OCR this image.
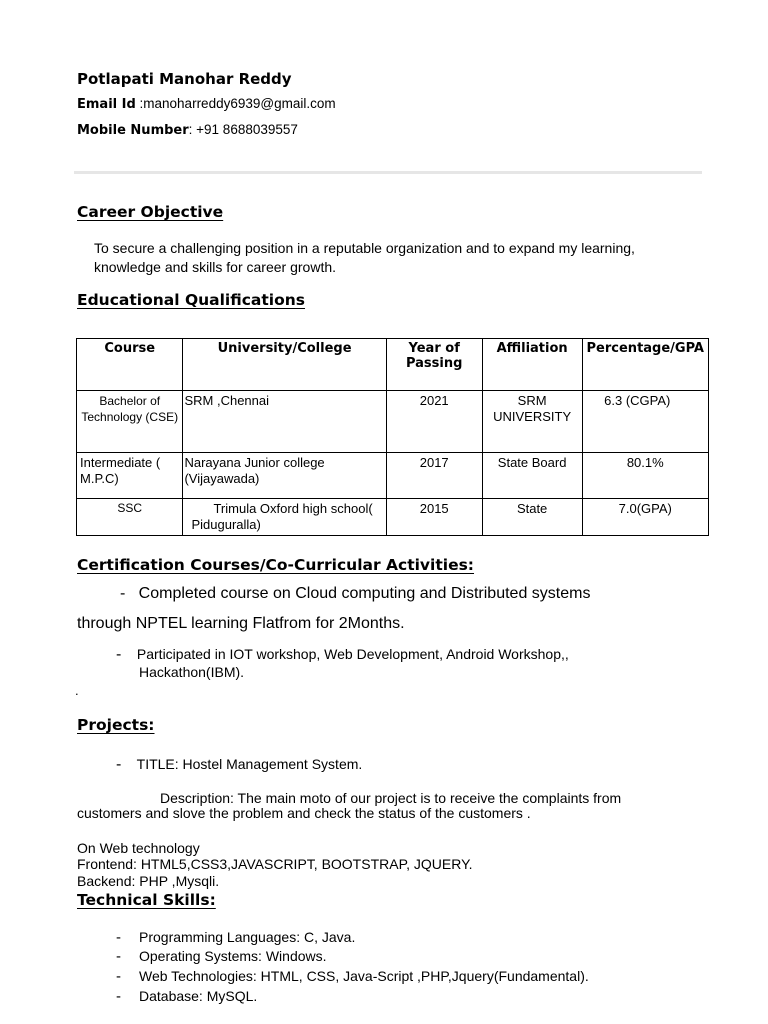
Potlapati Manohar Reddy
Email Id :manoharreddy6939@gmail.com
Mobile Number: +91 8688039557
Career Objective
To secure a challenging position in a reputable organization and to expand my learning, knowledge and skills for career growth.
Educational Qualifications
Course	University/College	Year of Passing	Affiliation	Percentage/GPA
Bachelor of Technology (CSE)	SRM ,Chennai	2021	SRM UNIVERSITY	6.3 (CGPA)
Intermediate ( M.P.C)	Narayana Junior college (Vijayawada)	2017	State Board	80.1%
SSC	Trimula Oxford high school( Piduguralla)	2015	State	7.0(GPA)
Certification Courses/Co-Curricular Activities:
- Completed course on Cloud computing and Distributed systems
through NPTEL learning Flatfrom for 2Months.
- Participated in IOT workshop, Web Development, Android Workshop,,
Hackathon(IBM).
.
Projects:
- TITLE: Hostel Management System.
Description: The main moto of our project is to receive the complaints from
customers and slove the problem and check the status of the customers .
On Web technology
Frontend: HTML5,CSS3,JAVASCRIPT, BOOTSTRAP, JQUERY.
Backend: PHP ,Mysqli.
Technical Skills:
- Programming Languages: C, Java.
- Operating Systems: Windows.
- Web Technologies: HTML, CSS, Java-Script ,PHP,Jquery(Fundamental).
- Database: MySQL.
